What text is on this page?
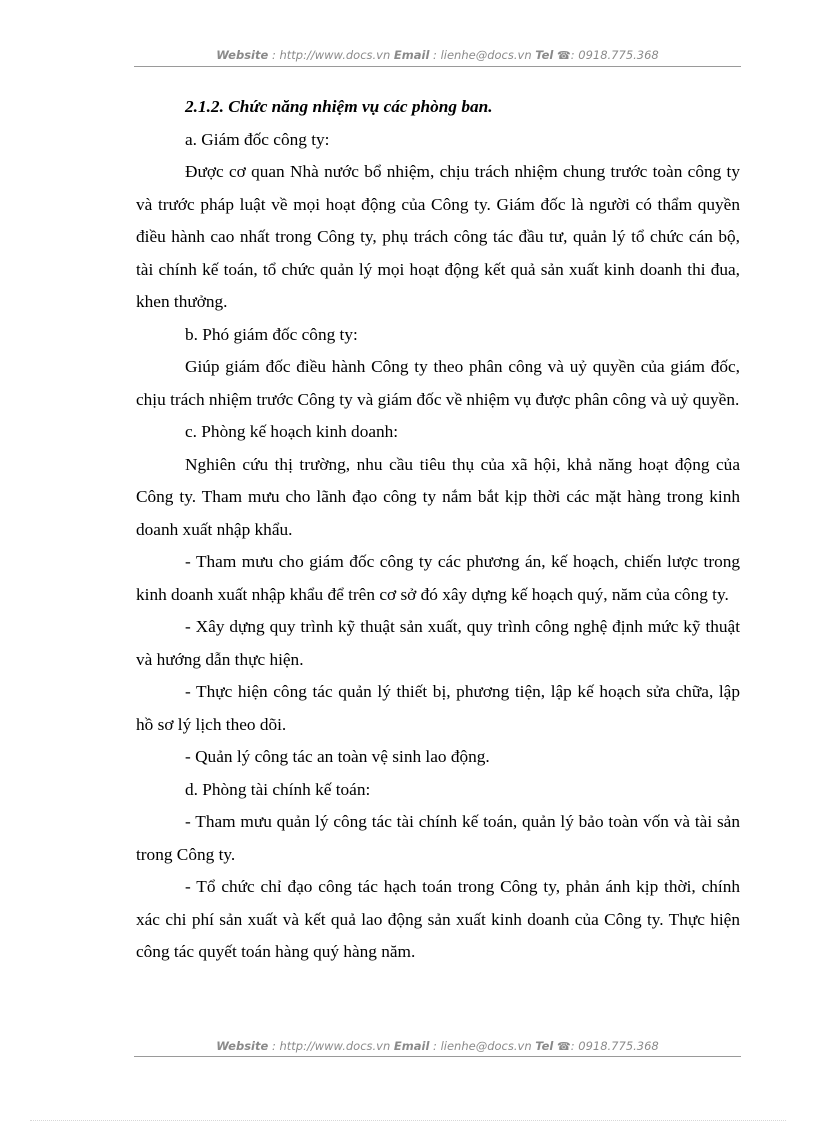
Website : http://www.docs.vn Email : lienhe@docs.vn Tel ☎: 0918.775.368
2.1.2. Chức năng nhiệm vụ các phòng ban.
a. Giám đốc công ty:
Được cơ quan Nhà nước bổ nhiệm, chịu trách nhiệm chung trước toàn công ty và trước pháp luật về mọi hoạt động của Công ty. Giám đốc là người có thẩm quyền điều hành cao nhất trong Công ty, phụ trách công tác đầu tư, quản lý tổ chức cán bộ, tài chính kế toán, tổ chức quản lý mọi hoạt động kết quả sản xuất kinh doanh thi đua, khen thưởng.
b. Phó giám đốc công ty:
Giúp giám đốc điều hành Công ty theo phân công và uỷ quyền của giám đốc, chịu trách nhiệm trước Công ty và giám đốc về nhiệm vụ được phân công và uỷ quyền.
c. Phòng kế hoạch kinh doanh:
Nghiên cứu thị trường, nhu cầu tiêu thụ của xã hội, khả năng hoạt động của Công ty. Tham mưu cho lãnh đạo công ty nắm bắt kịp thời các mặt hàng trong kinh doanh xuất nhập khẩu.
- Tham mưu cho giám đốc công ty các phương án, kế hoạch, chiến lược trong kinh doanh xuất nhập khẩu để trên cơ sở đó xây dựng kế hoạch quý, năm của công ty.
- Xây dựng quy trình kỹ thuật sản xuất, quy trình công nghệ định mức kỹ thuật và hướng dẫn thực hiện.
- Thực hiện công tác quản lý thiết bị, phương tiện, lập kế hoạch sửa chữa, lập hồ sơ lý lịch theo dõi.
- Quản lý công tác an toàn vệ sinh lao động.
d. Phòng tài chính kế toán:
- Tham mưu quản lý công tác tài chính kế toán, quản lý bảo toàn vốn và tài sản trong Công ty.
- Tổ chức chỉ đạo công tác hạch toán trong Công ty, phản ánh kịp thời, chính xác chi phí sản xuất và kết quả lao động sản xuất kinh doanh của Công ty. Thực hiện công tác quyết toán hàng quý hàng năm.
Website : http://www.docs.vn Email : lienhe@docs.vn Tel ☎: 0918.775.368
